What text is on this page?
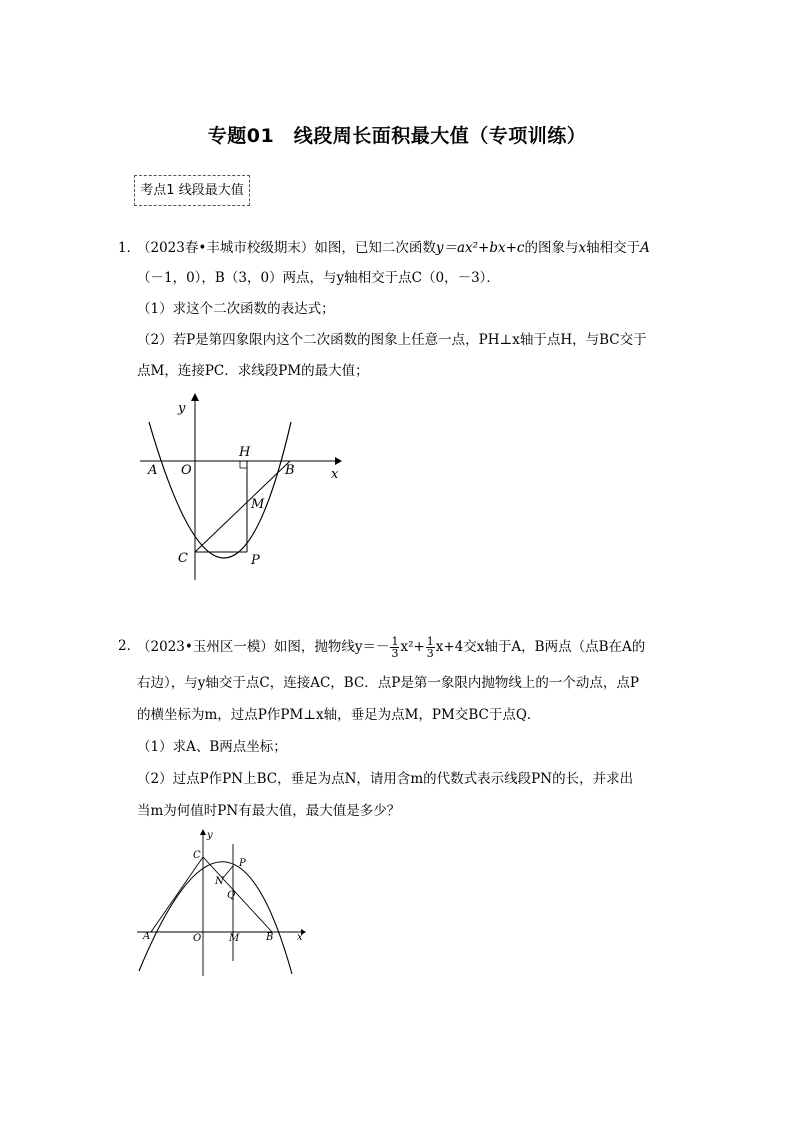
专题01　线段周长面积最大值（专项训练）
考点1 线段最大值
1．
（2023春•丰城市校级期末）如图，已知二次函数y＝ax²+bx+c的图象与x轴相交于A
（－1，0），B（3，0）两点，与y轴相交于点C（0，－3）．
（1）求这个二次函数的表达式；
（2）若P是第四象限内这个二次函数的图象上任意一点，PH⊥x轴于点H，与BC交于
点M，连接PC．求线段PM的最大值；
y
x
A O
H
B
M
C	P
2．
（2023•玉州区一模）如图，抛物线$y=- \frac{1}{3} x^2+ \frac{1}{3} x+4$交x轴于A，B两点（点B在A的
右边），与y轴交于点C，连接AC，BC．点P是第一象限内抛物线上的一个动点，点P
的横坐标为m，过点P作PM⊥x轴，垂足为点M，PM交BC于点Q．
（1）求A、B两点坐标；
（2）过点P作PN上BC，垂足为点N，请用含m的代数式表示线段PN的长，并求出
当m为何值时PN有最大值，最大值是多少？
y
x
C
P
N
Q
A	O	M	B
